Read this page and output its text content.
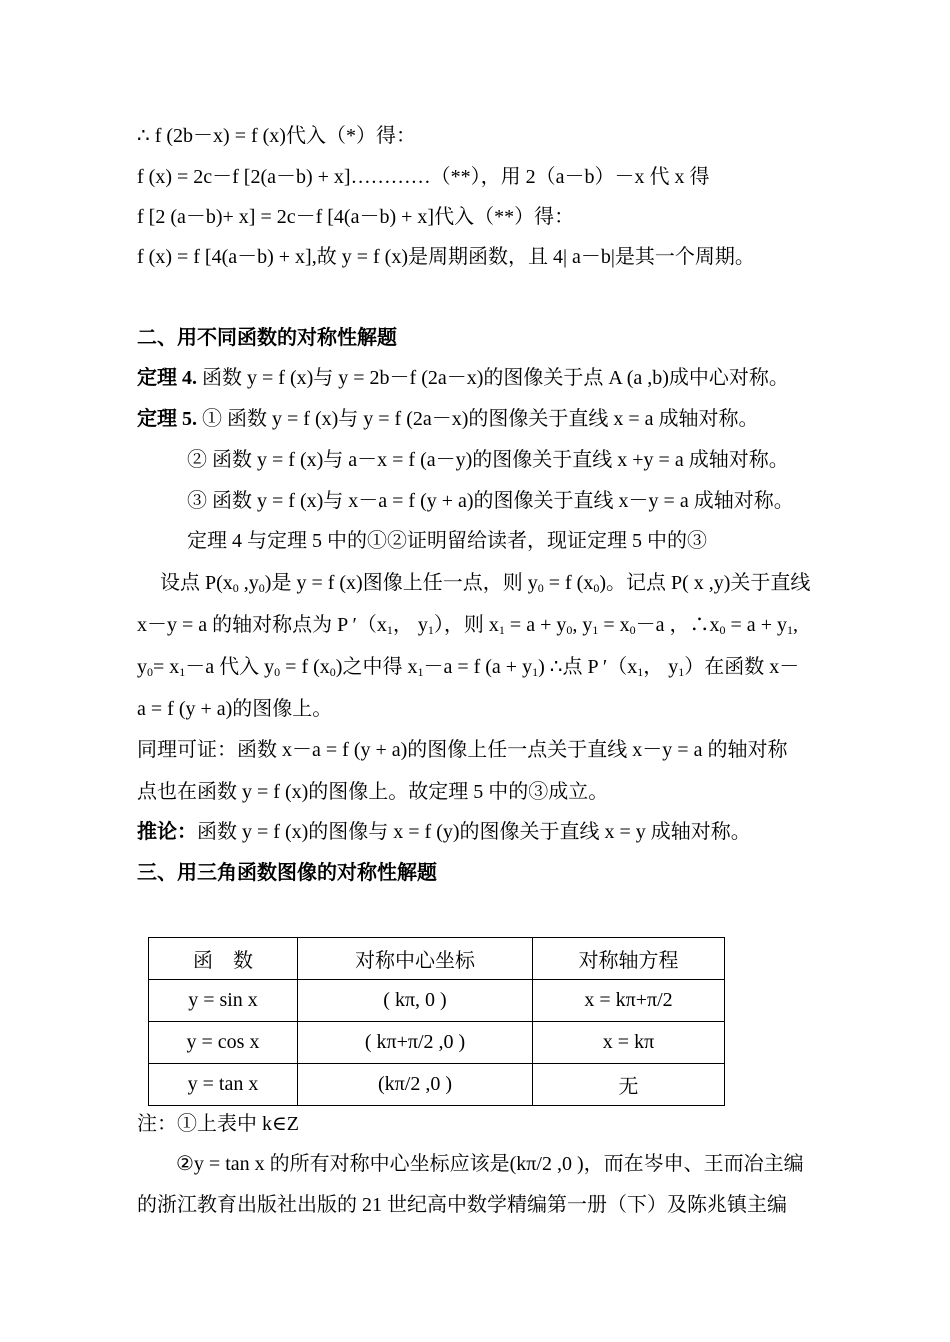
∴ f (2b－x) = f (x)代入（*）得：
f (x) = 2c－f [2(a－b) + x]…………（**），用 2（a－b）－x 代 x 得
f [2 (a－b)+ x] = 2c－f [4(a－b) + x]代入（**）得：
f (x) = f [4(a－b) + x],故 y = f (x)是周期函数，且 4| a－b|是其一个周期。
二、用不同函数的对称性解题
定理 4. 函数 y = f (x)与 y = 2b－f (2a－x)的图像关于点 A (a ,b)成中心对称。
定理 5. ① 函数 y = f (x)与 y = f (2a－x)的图像关于直线 x = a 成轴对称。
② 函数 y = f (x)与 a－x = f (a－y)的图像关于直线 x +y = a 成轴对称。
③ 函数 y = f (x)与 x－a = f (y + a)的图像关于直线 x－y = a 成轴对称。
定理 4 与定理 5 中的①②证明留给读者，现证定理 5 中的③
设点 $P(x_0$ $,y_0$)是 y = f (x)图像上任一点，则 $y_0 = f$ $(x_0)$。记点 P( x ,y)关于直线
x－y = a 的轴对称点为 P $'(x_1$， $y_1$），则 $x_1 = a + y_0$, $y_1 = x_0-a$ ，$\therefore x_0 = a + y_1$,
$y_0= x_1-a$ 代入 $y_0 = f$ $(x_0)$之中得 $x_1-a = f$ $(a + y_1)$ ∴点 P $'(x_1$， $y_1$）在函数 x－
a = f (y + a)的图像上。
同理可证：函数 x－a = f (y + a)的图像上任一点关于直线 x－y = a 的轴对称
点也在函数 y = f (x)的图像上。故定理 5 中的③成立。
推论：函数 y = f (x)的图像与 x = f (y)的图像关于直线 x = y 成轴对称。
三、用三角函数图像的对称性解题
函　数	对称中心坐标	对称轴方程
y = sin x	( kπ, 0 )	x = kπ+π/2
y = cos x	( kπ+π/2 ,0 )	x = kπ
y = tan x	(kπ/2 ,0 )	无
注：①上表中 k∈Z
②y = tan x 的所有对称中心坐标应该是(kπ/2 ,0 )，而在岑申、王而冶主编
的浙江教育出版社出版的 21 世纪高中数学精编第一册（下）及陈兆镇主编
